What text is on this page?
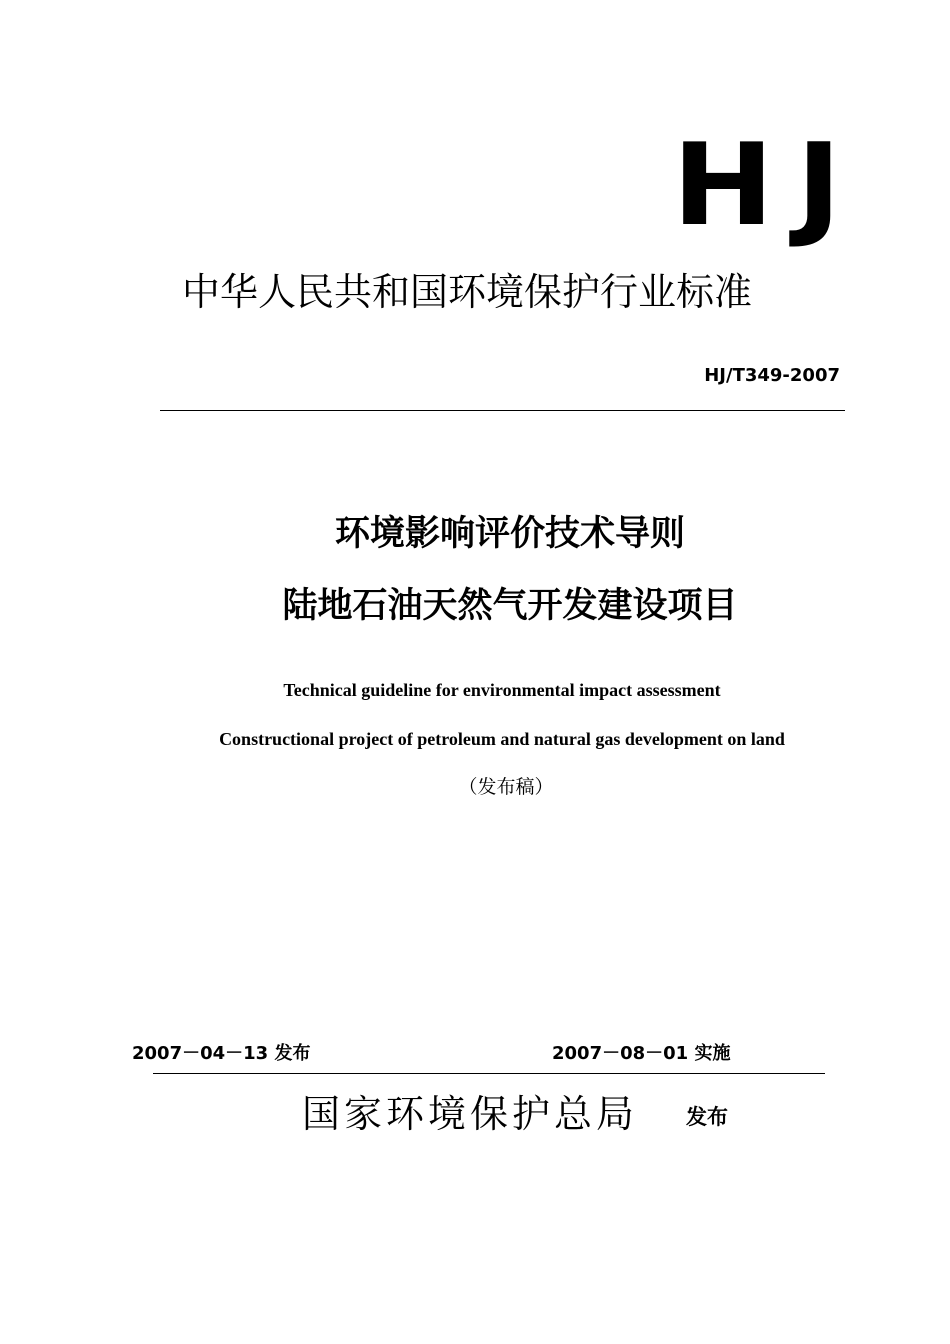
HJ
中华人民共和国环境保护行业标准
HJ/T349-2007
环境影响评价技术导则
陆地石油天然气开发建设项目
Technical guideline for environmental impact assessment
Constructional project of petroleum and natural gas development on land
（发布稿）
2007－04－13 发布	2007－08－01 实施
国家环境保护总局 发布
